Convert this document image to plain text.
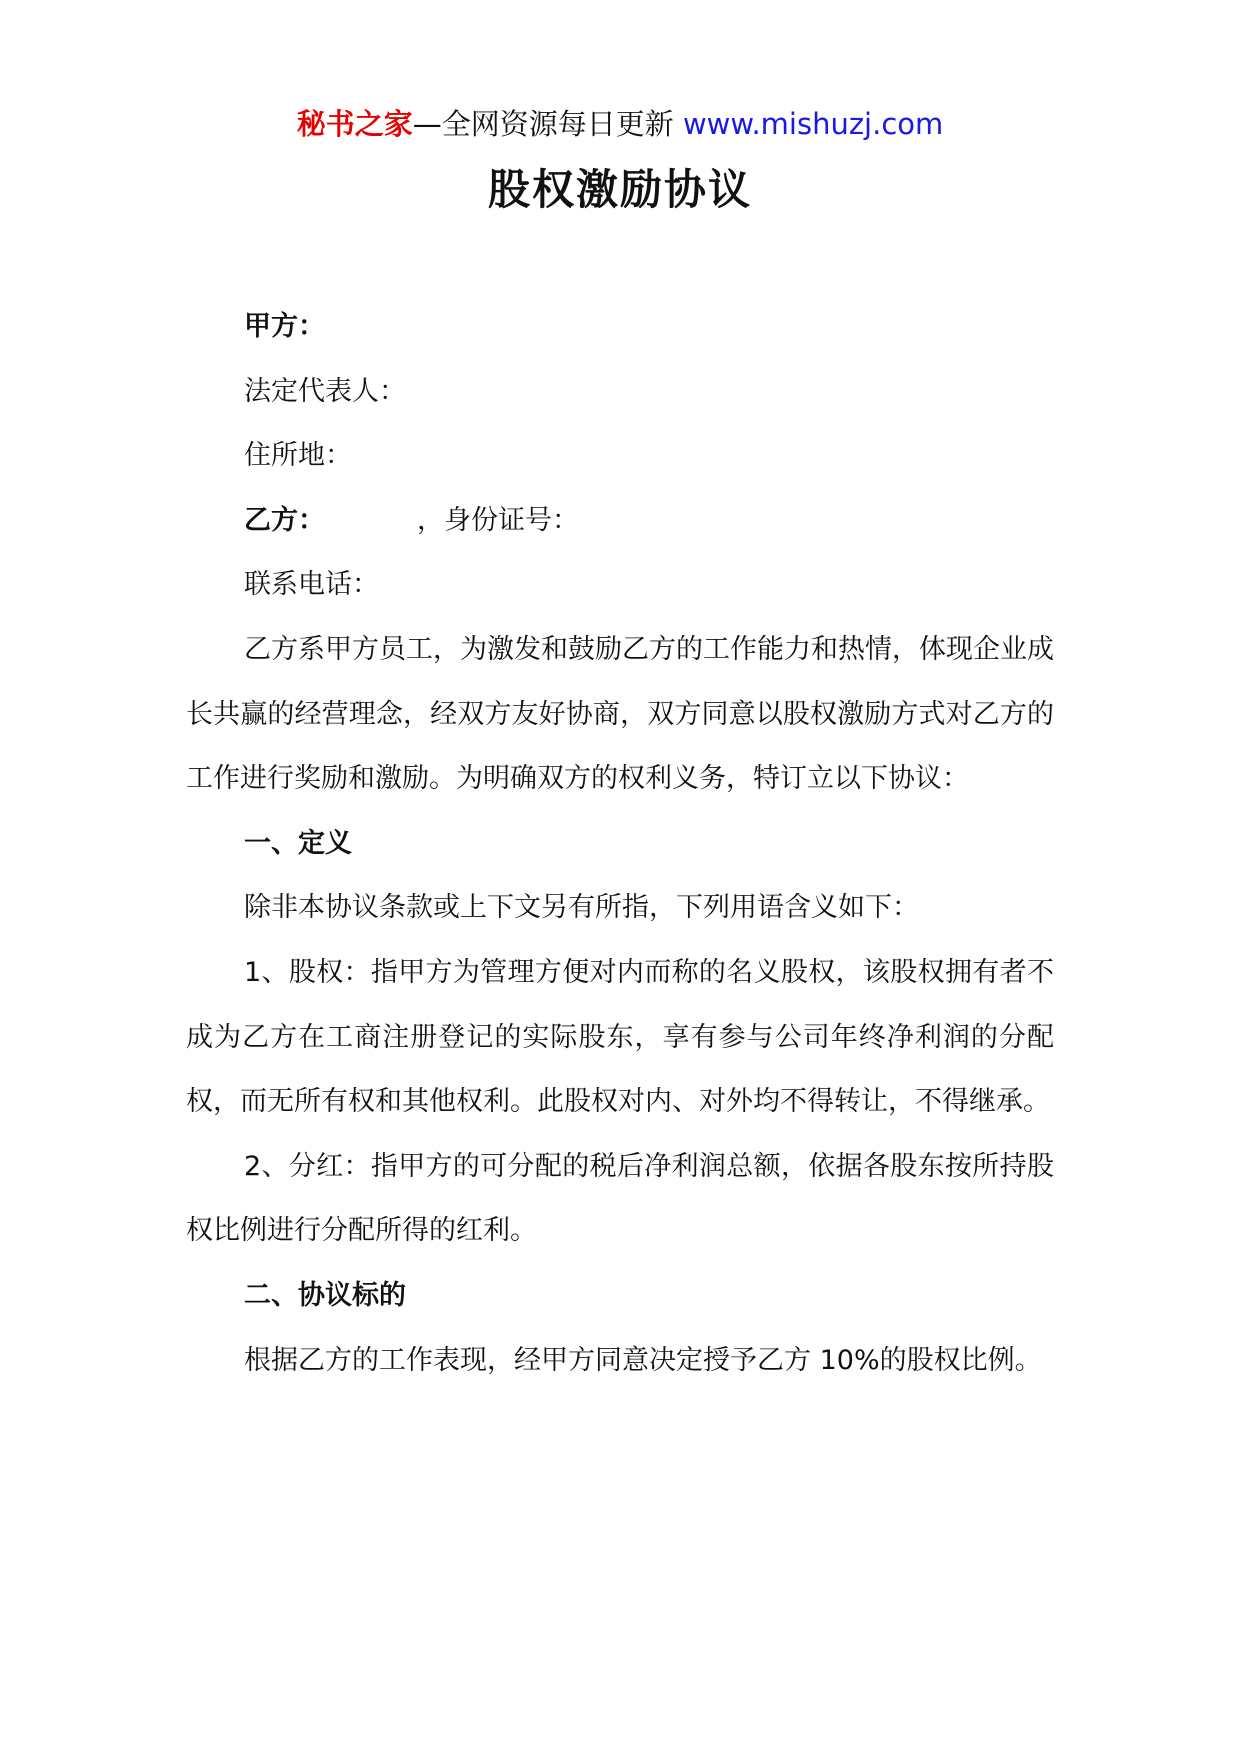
秘书之家—全网资源每日更新 www.mishuzj.com
股权激励协议

甲方：

法定代表人：

住所地：

乙方：	，身份证号：

联系电话：

乙方系甲方员工，为激发和鼓励乙方的工作能力和热情，体现企业成长共赢的经营理念，经双方友好协商，双方同意以股权激励方式对乙方的工作进行奖励和激励。为明确双方的权利义务，特订立以下协议：

一、定义

除非本协议条款或上下文另有所指，下列用语含义如下：

1、股权：指甲方为管理方便对内而称的名义股权，该股权拥有者不成为乙方在工商注册登记的实际股东，享有参与公司年终净利润的分配权，而无所有权和其他权利。此股权对内、对外均不得转让，不得继承。

2、分红：指甲方的可分配的税后净利润总额，依据各股东按所持股权比例进行分配所得的红利。

二、协议标的

根据乙方的工作表现，经甲方同意决定授予乙方 10%的股权比例。
